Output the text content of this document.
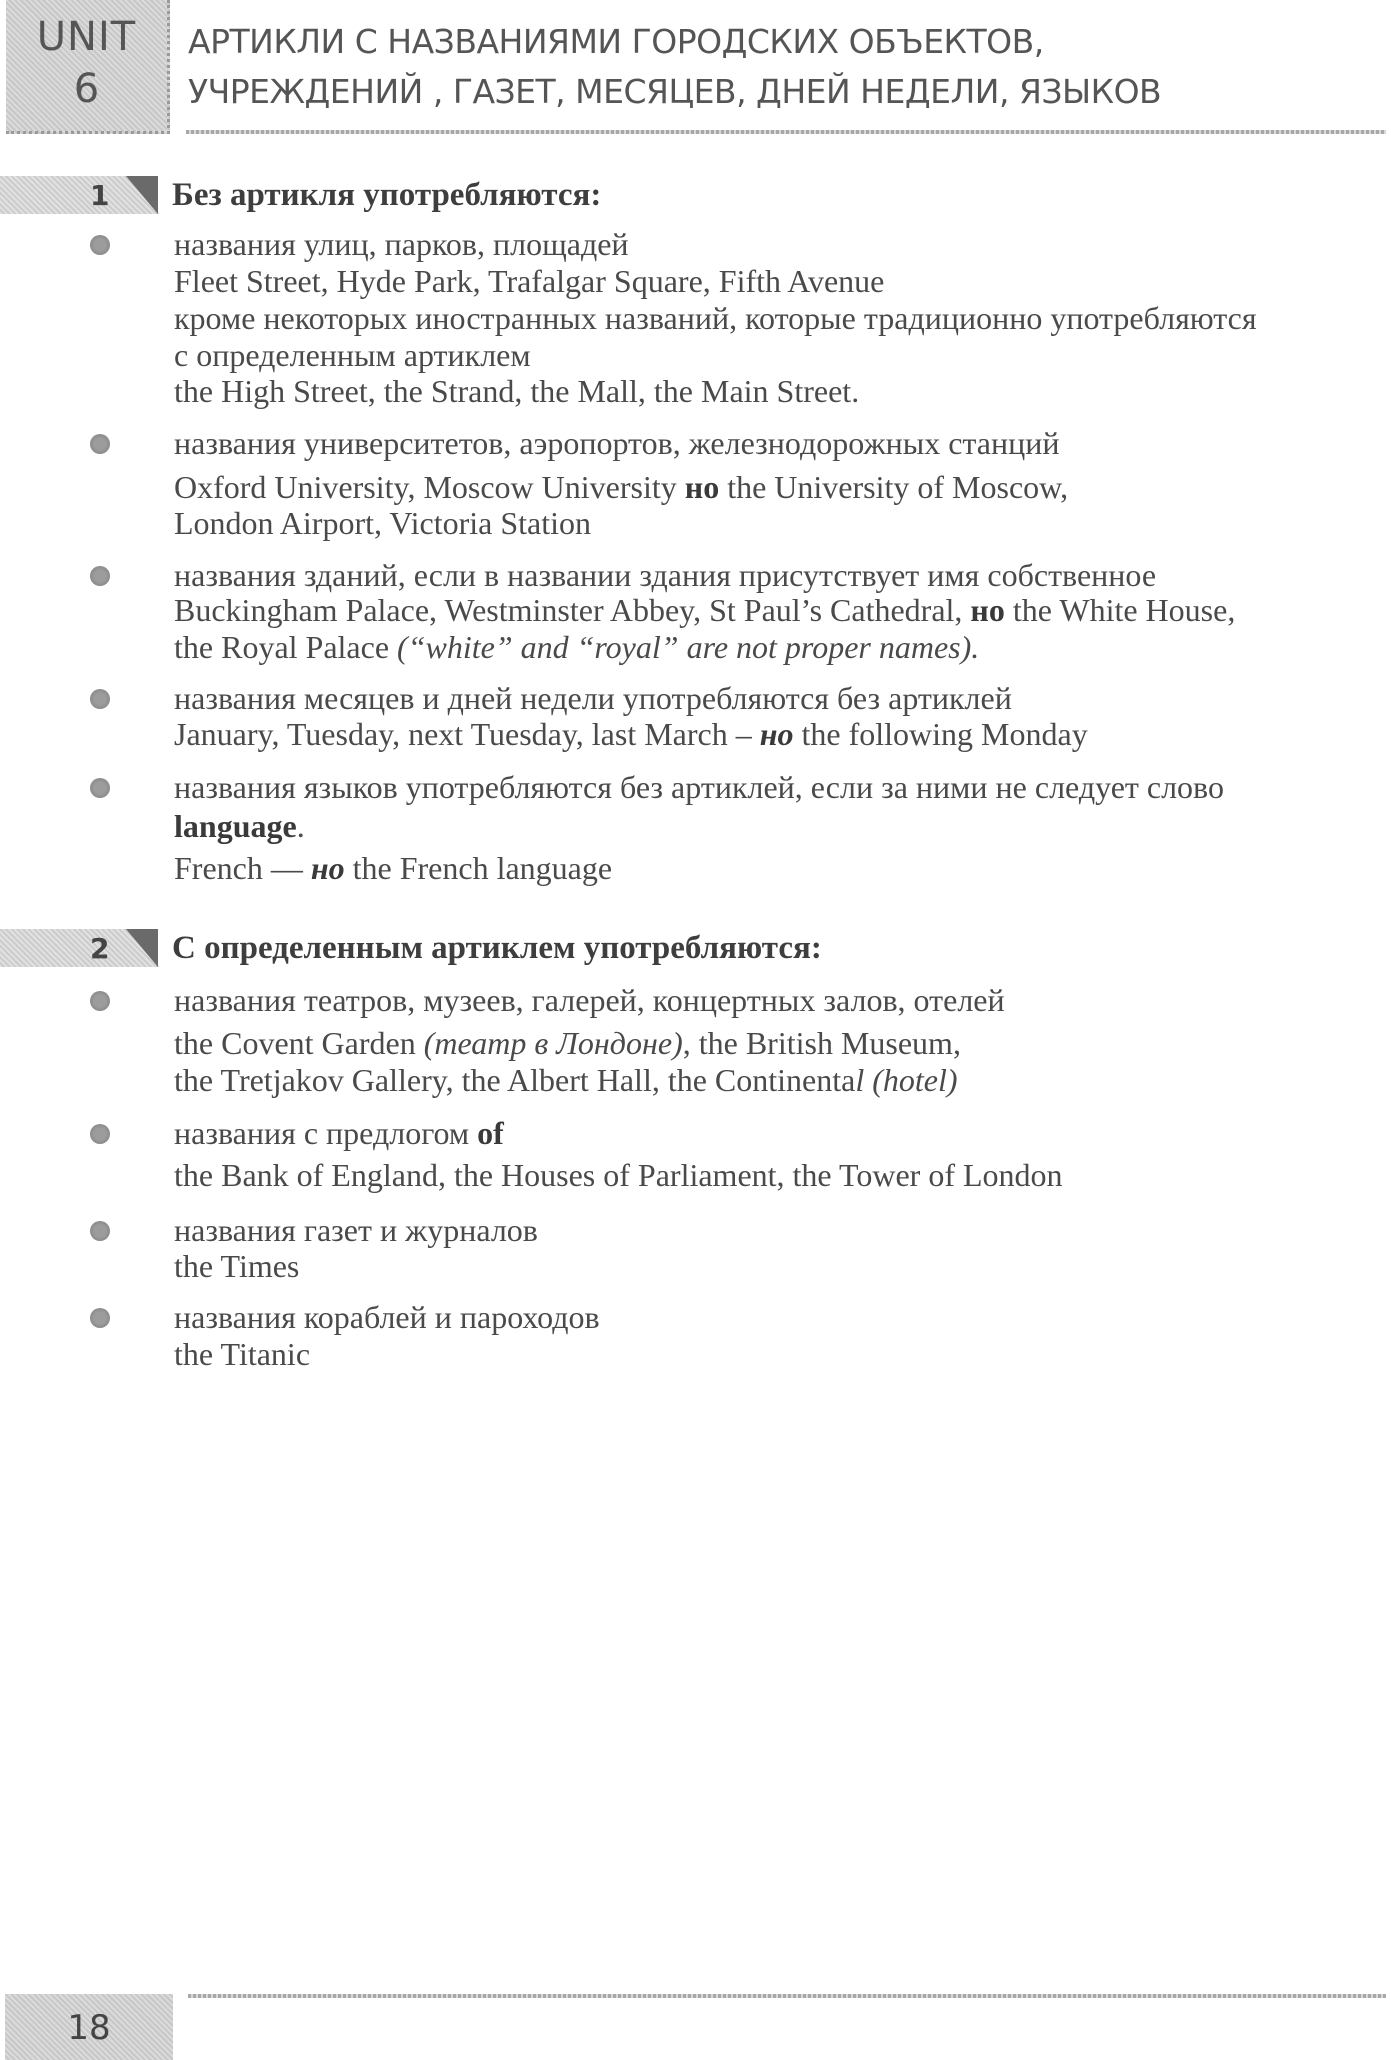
UNIT
6
АРТИКЛИ С НАЗВАНИЯМИ ГОРОДСКИХ ОБЪЕКТОВ,
УЧРЕЖДЕНИЙ , ГАЗЕТ, МЕСЯЦЕВ, ДНЕЙ НЕДЕЛИ, ЯЗЫКОВ
1 Без артикля употребляются:
названия улиц, парков, площадей
Fleet Street, Hyde Park, Trafalgar Square, Fifth Avenue
кроме некоторых иностранных названий, которые традиционно употребляются
с определенным артиклем
the High Street, the Strand, the Mall, the Main Street.
названия университетов, аэропортов, железнодорожных станций
Oxford University, Moscow University но the University of Moscow,
London Airport, Victoria Station
названия зданий, если в названии здания присутствует имя собственное
Buckingham Palace, Westminster Abbey, St Paul’s Cathedral, но the White House,
the Royal Palace (“white” and “royal” are not proper names).
названия месяцев и дней недели употребляются без артиклей
January, Tuesday, next Tuesday, last March – но the following Monday
названия языков употребляются без артиклей, если за ними не следует слово
language.
French — но the French language
2 С определенным артиклем употребляются:
названия театров, музеев, галерей, концертных залов, отелей
the Covent Garden (театр в Лондоне), the British Museum,
the Tretjakov Gallery, the Albert Hall, the Continental (hotel)
названия с предлогом of
the Bank of England, the Houses of Parliament, the Tower of London
названия газет и журналов
the Times
названия кораблей и пароходов
the Titanic
18
